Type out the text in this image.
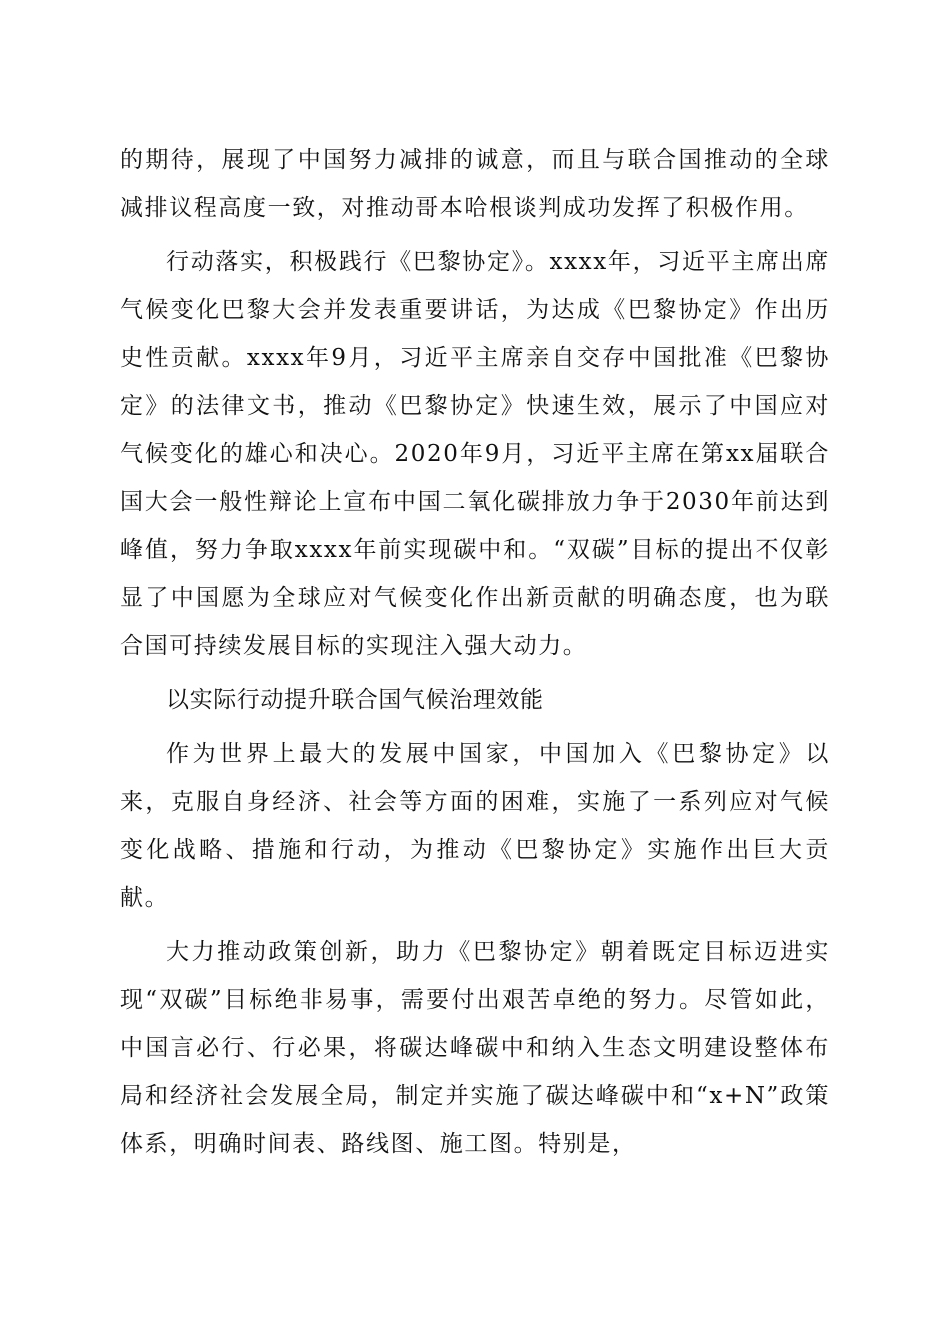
的期待，展现了中国努力减排的诚意，而且与联合国推动的全球减排议程高度一致，对推动哥本哈根谈判成功发挥了积极作用。

行动落实，积极践行《巴黎协定》。xxxx年，习近平主席出席气候变化巴黎大会并发表重要讲话，为达成《巴黎协定》作出历史性贡献。xxxx年9月，习近平主席亲自交存中国批准《巴黎协定》的法律文书，推动《巴黎协定》快速生效，展示了中国应对气候变化的雄心和决心。2020年9月，习近平主席在第xx届联合国大会一般性辩论上宣布中国二氧化碳排放力争于2030年前达到峰值，努力争取xxxx年前实现碳中和。“双碳”目标的提出不仅彰显了中国愿为全球应对气候变化作出新贡献的明确态度，也为联合国可持续发展目标的实现注入强大动力。

以实际行动提升联合国气候治理效能

作为世界上最大的发展中国家，中国加入《巴黎协定》以来，克服自身经济、社会等方面的困难，实施了一系列应对气候变化战略、措施和行动，为推动《巴黎协定》实施作出巨大贡献。

大力推动政策创新，助力《巴黎协定》朝着既定目标迈进实现“双碳”目标绝非易事，需要付出艰苦卓绝的努力。尽管如此，中国言必行、行必果，将碳达峰碳中和纳入生态文明建设整体布局和经济社会发展全局，制定并实施了碳达峰碳中和“x+N”政策体系，明确时间表、路线图、施工图。特别是，
